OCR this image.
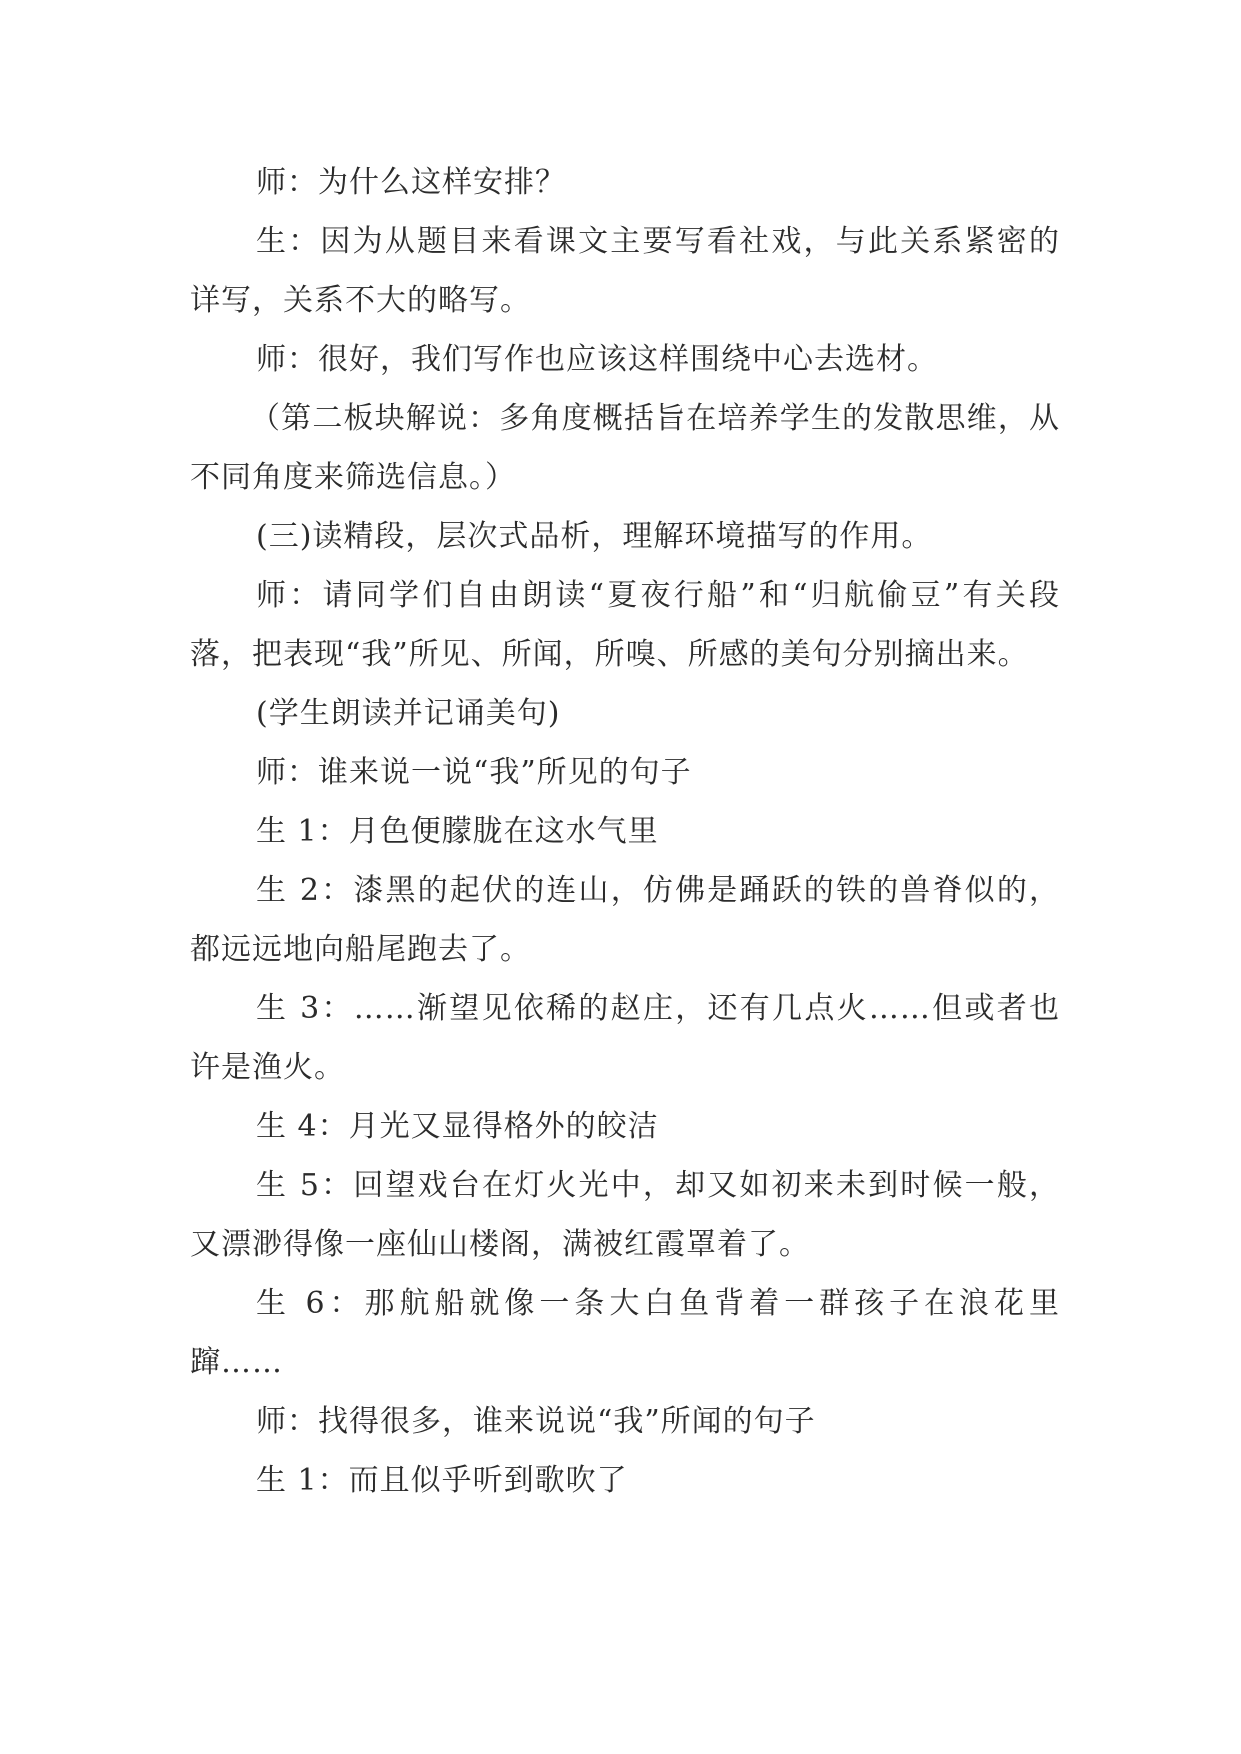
师：为什么这样安排？

生：因为从题目来看课文主要写看社戏，与此关系紧密的详写，关系不大的略写。

师：很好，我们写作也应该这样围绕中心去选材。

（第二板块解说：多角度概括旨在培养学生的发散思维，从不同角度来筛选信息。）

(三)读精段，层次式品析，理解环境描写的作用。

师：请同学们自由朗读“夏夜行船”和“归航偷豆”有关段落，把表现“我”所见、所闻，所嗅、所感的美句分别摘出来。

(学生朗读并记诵美句)

师：谁来说一说“我”所见的句子

生 1：月色便朦胧在这水气里

生 2：漆黑的起伏的连山，仿佛是踊跃的铁的兽脊似的，都远远地向船尾跑去了。

生 3：……渐望见依稀的赵庄，还有几点火……但或者也许是渔火。

生 4：月光又显得格外的皎洁

生 5：回望戏台在灯火光中，却又如初来未到时候一般，又漂渺得像一座仙山楼阁，满被红霞罩着了。

生 6：那航船就像一条大白鱼背着一群孩子在浪花里蹿……

师：找得很多，谁来说说“我”所闻的句子

生 1：而且似乎听到歌吹了
